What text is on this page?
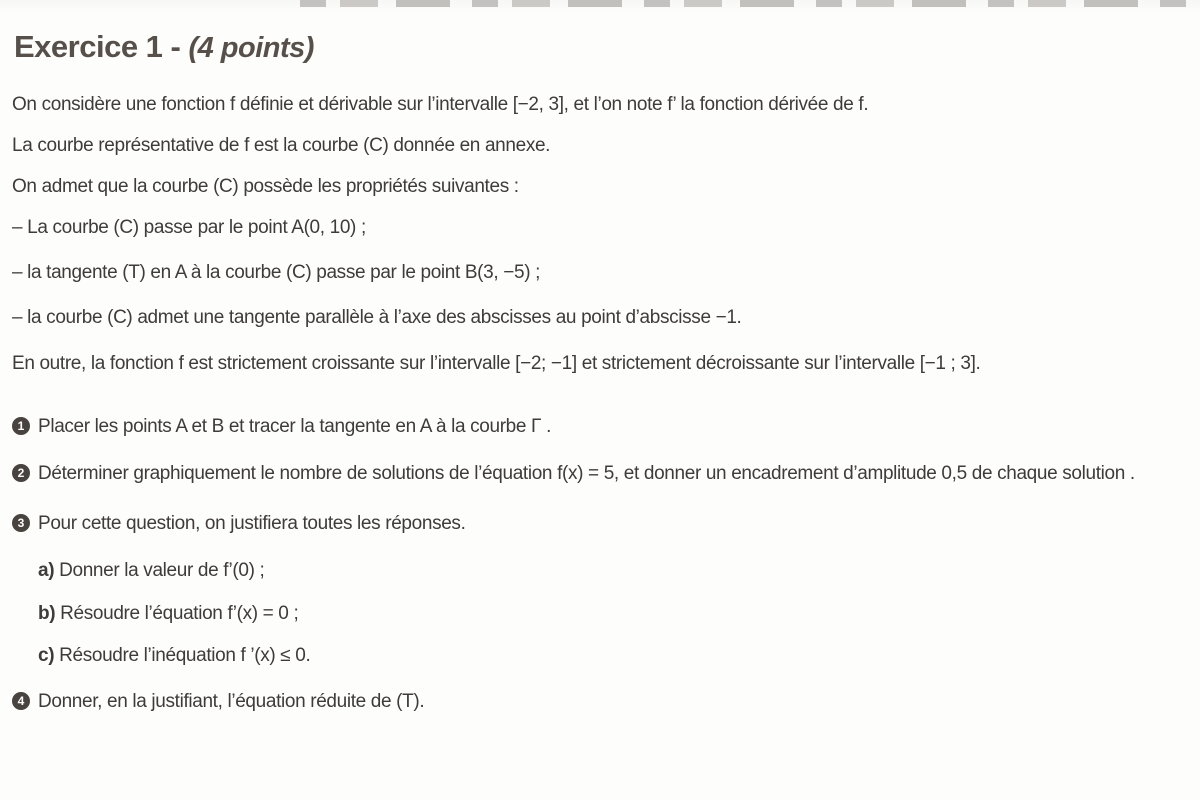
Exercice 1 - (4 points)

On considère une fonction f définie et dérivable sur l’intervalle [−2, 3], et l’on note f’ la fonction dérivée de f.

La courbe représentative de f est la courbe (C) donnée en annexe.

On admet que la courbe (C) possède les propriétés suivantes :

– La courbe (C) passe par le point A(0, 10) ;

– la tangente (T) en A à la courbe (C) passe par le point B(3, −5) ;

– la courbe (C) admet une tangente parallèle à l’axe des abscisses au point d’abscisse −1.

En outre, la fonction f est strictement croissante sur l’intervalle [−2; −1] et strictement décroissante sur l’intervalle [−1 ; 3].

1 Placer les points A et B et tracer la tangente en A à la courbe Γ .
2 Déterminer graphiquement le nombre de solutions de l’équation f(x) = 5, et donner un encadrement d’amplitude 0,5 de chaque solution .
3 Pour cette question, on justifiera toutes les réponses.

a) Donner la valeur de f’(0) ;

b) Résoudre l’équation f’(x) = 0 ;

c) Résoudre l’inéquation f ’(x) ≤ 0.

4 Donner, en la justifiant, l’équation réduite de (T).
